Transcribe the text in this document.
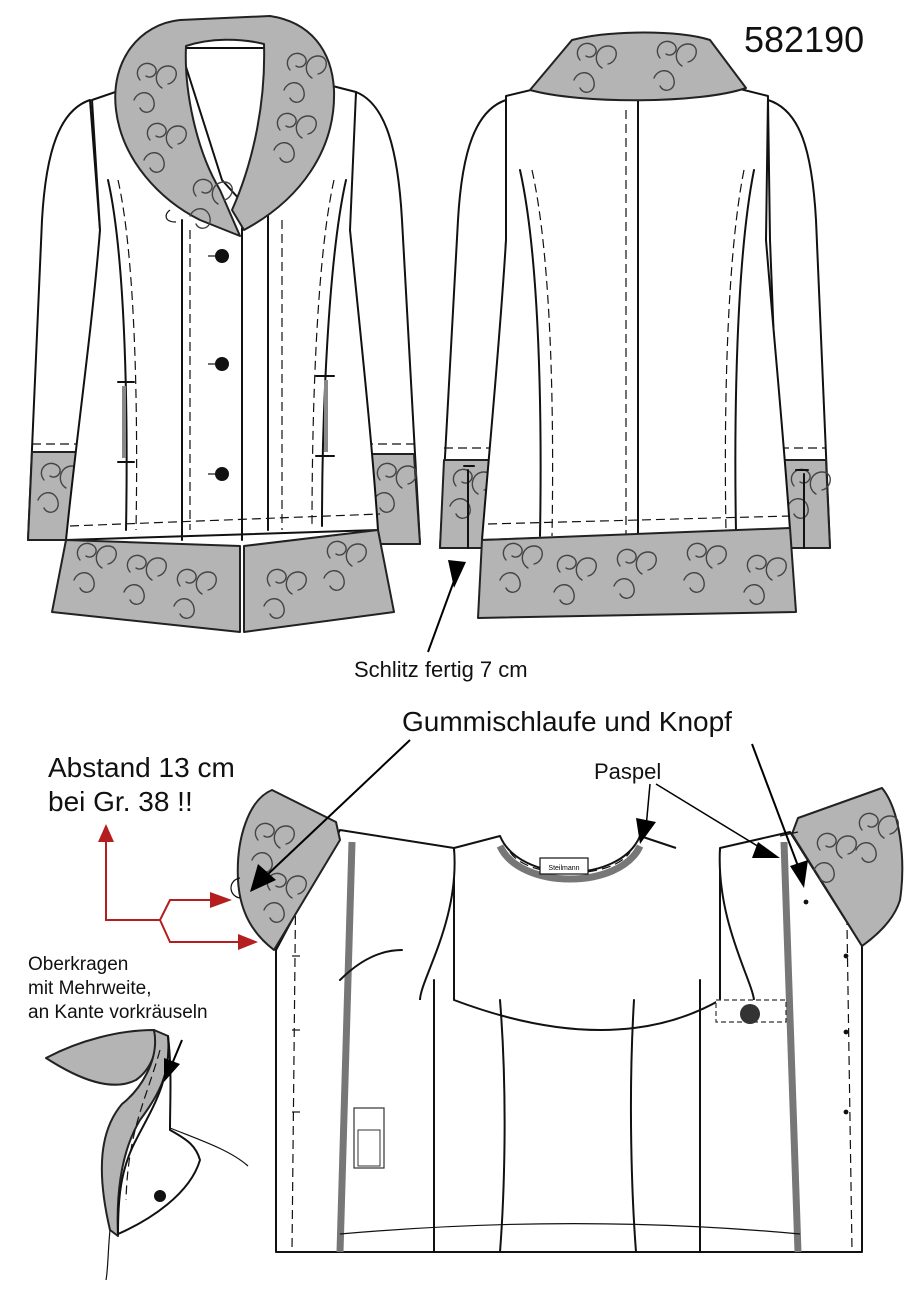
Steilmann
582190
Schlitz fertig 7 cm
Gummischlaufe und Knopf
Paspel
Abstand 13 cm
bei Gr. 38 !!
Oberkragen
mit Mehrweite,
an Kante vorkräuseln
